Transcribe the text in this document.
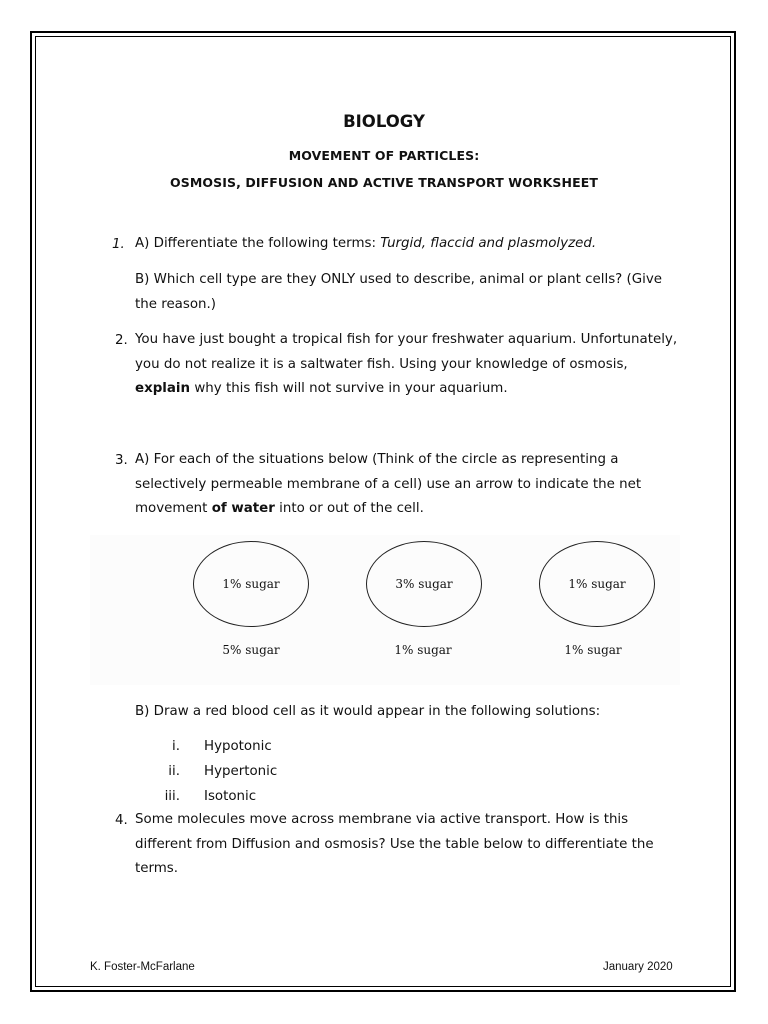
BIOLOGY
MOVEMENT OF PARTICLES:
OSMOSIS, DIFFUSION AND ACTIVE TRANSPORT WORKSHEET
1. A) Differentiate the following terms: Turgid, flaccid and plasmolyzed.
B) Which cell type are they ONLY used to describe, animal or plant cells? (Give the reason.)
2. You have just bought a tropical fish for your freshwater aquarium. Unfortunately, you do not realize it is a saltwater fish. Using your knowledge of osmosis, explain why this fish will not survive in your aquarium.
3. A) For each of the situations below (Think of the circle as representing a selectively permeable membrane of a cell) use an arrow to indicate the net movement of water into or out of the cell.
1% sugar
5% sugar
3% sugar
1% sugar
1% sugar
1% sugar
B) Draw a red blood cell as it would appear in the following solutions:
i. Hypotonic
ii. Hypertonic
iii. Isotonic
4. Some molecules move across membrane via active transport. How is this different from Diffusion and osmosis? Use the table below to differentiate the terms.
K. Foster-McFarlane	January 2020
